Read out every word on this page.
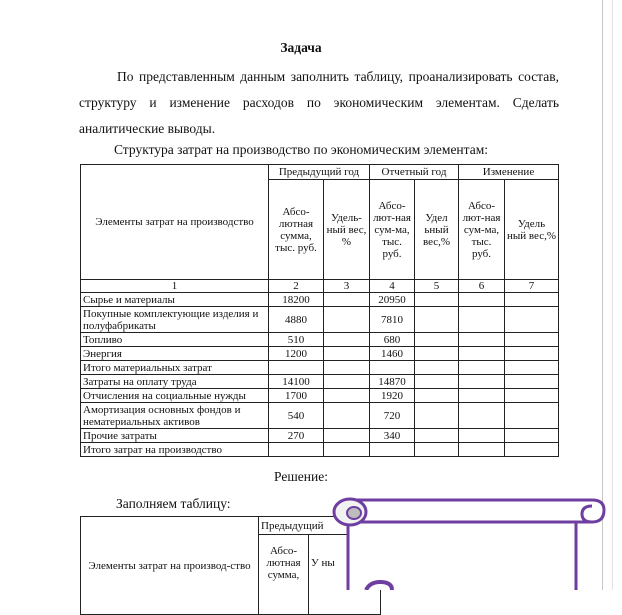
Задача

По представленным данным заполнить таблицу, проанализировать состав, структуру и изменение расходов по экономическим элементам. Сделать аналитические выводы.

Структура затрат на производство по экономическим элементам:
Элементы затрат на производство	Предыдущий год		Отчетный год		Изменение	
	Абсо-лютная сумма, тыс. руб.	Удель-ный вес, %	Абсо-лют-ная сум-ма, тыс. руб.	Удел ьный вес,%	Абсо-лют-ная сум-ма, тыс. руб.	Удель ный вес,%
1	2	3	4	5	6	7
Сырье и материалы	18200		20950			
Покупные комплектующие изделия и полуфабрикаты	4880		7810			
Топливо	510		680			
Энергия	1200		1460			
Итого материальных затрат						
Затраты на оплату труда	14100		14870			
Отчисления на социальные нужды	1700		1920			
Амортизация основных фондов и нематериальных активов	540		720			
Прочие затраты	270		340			
Итого затрат на производство						
Решение:
Заполняем таблицу:
Элементы затрат на производ-ство	Предыдущий	
	Абсо-лютная сумма,	У ны
